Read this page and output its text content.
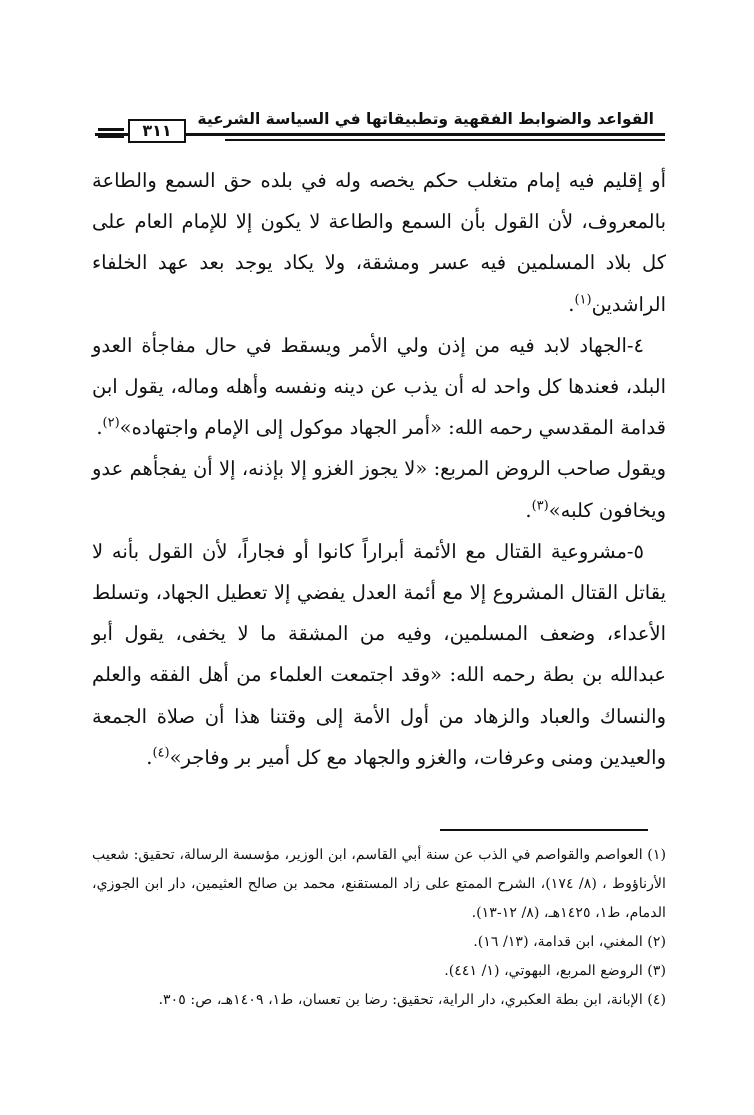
القواعد والضوابط الفقهية وتطبيقاتها في السياسة الشرعية
٣١١

أو إقليم فيه إمام متغلب حكم يخصه وله في بلده حق السمع والطاعة بالمعروف، لأن القول بأن السمع والطاعة لا يكون إلا للإمام العام على كل بلاد المسلمين فيه عسر ومشقة، ولا يكاد يوجد بعد عهد الخلفاء الراشدين$^{(١)}$.

٤-الجهاد لابد فيه من إذن ولي الأمر ويسقط في حال مفاجأة العدو البلد، فعندها كل واحد له أن يذب عن دينه ونفسه وأهله وماله، يقول ابن قدامة المقدسي رحمه الله: «أمر الجهاد موكول إلى الإمام واجتهاده»$^{(٢)}$.

ويقول صاحب الروض المربع: «لا يجوز الغزو إلا بإذنه، إلا أن يفجأهم عدو ويخافون كلبه»$^{(٣)}$.

٥-مشروعية القتال مع الأئمة أبراراً كانوا أو فجاراً، لأن القول بأنه لا يقاتل القتال المشروع إلا مع أئمة العدل يفضي إلا تعطيل الجهاد، وتسلط الأعداء، وضعف المسلمين، وفيه من المشقة ما لا يخفى، يقول أبو عبدالله بن بطة رحمه الله: «وقد اجتمعت العلماء من أهل الفقه والعلم والنساك والعباد والزهاد من أول الأمة إلى وقتنا هذا أن صلاة الجمعة والعيدين ومنى وعرفات، والغزو والجهاد مع كل أمير بر وفاجر»$^{(٤)}$.

(١) العواصم والقواصم في الذب عن سنة أبي القاسم، ابن الوزير، مؤسسة الرسالة، تحقيق: شعيب الأرناؤوط ، (٨/ ١٧٤)، الشرح الممتع على زاد المستقنع، محمد بن صالح العثيمين، دار ابن الجوزي، الدمام، ط١، ١٤٢٥هـ، (٨/ ١٢-١٣).

(٢) المغني، ابن قدامة، (١٣/ ١٦).

(٣) الروضع المربع، البهوتي، (١/ ٤٤١).

(٤) الإبانة، ابن بطة العكبري، دار الراية، تحقيق: رضا بن تعسان، ط١، ١٤٠٩هـ، ص: ٣٠٥.
